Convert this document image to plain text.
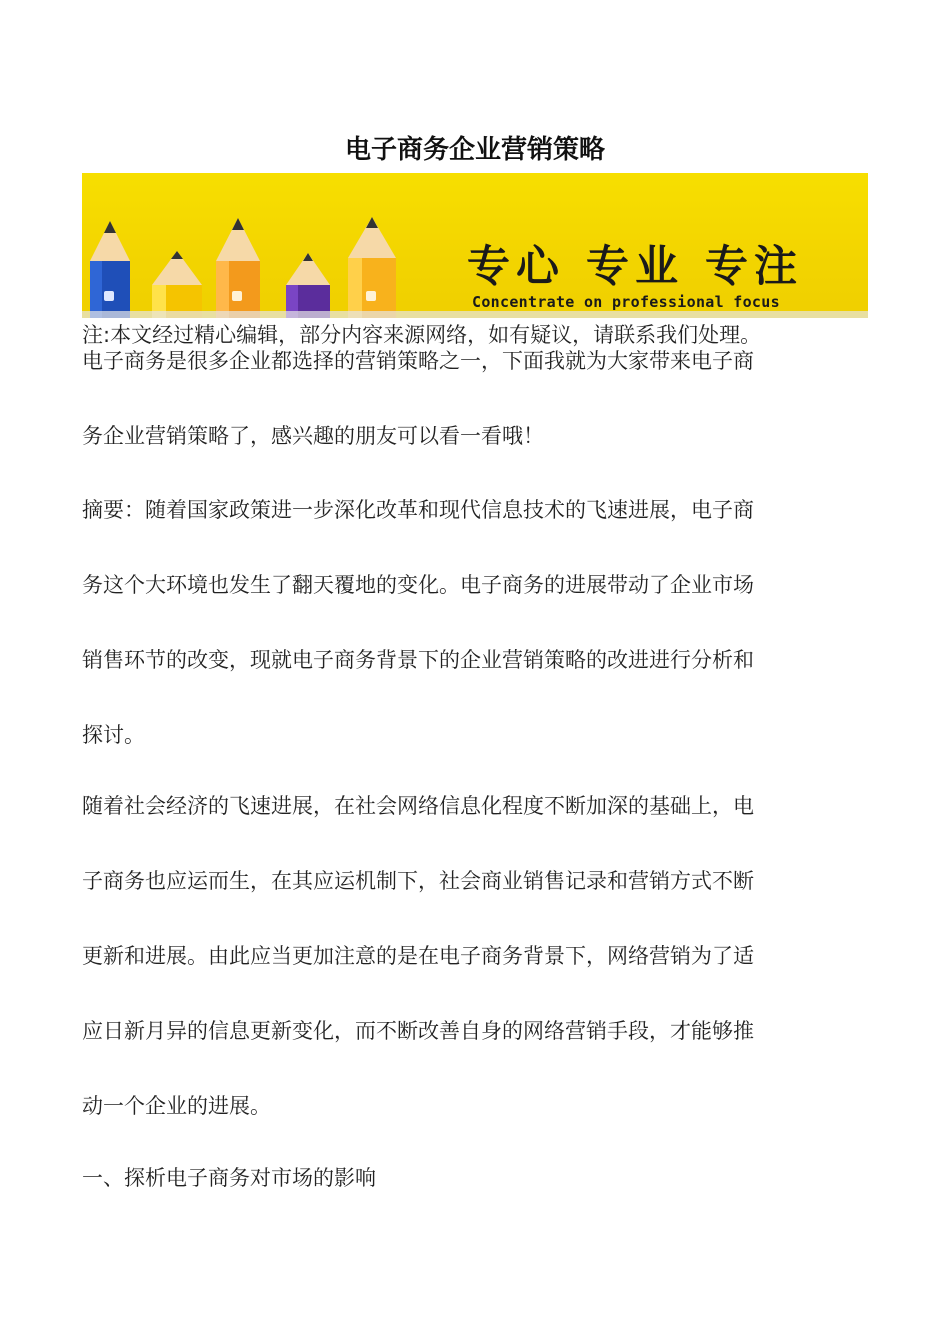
电子商务企业营销策略
专心 专业 专注
Concentrate on professional focus
注:本文经过精心编辑，部分内容来源网络，如有疑议，请联系我们处理。
电子商务是很多企业都选择的营销策略之一，下面我就为大家带来电子商
务企业营销策略了，感兴趣的朋友可以看一看哦！
摘要：随着国家政策进一步深化改革和现代信息技术的飞速进展，电子商
务这个大环境也发生了翻天覆地的变化。电子商务的进展带动了企业市场
销售环节的改变，现就电子商务背景下的企业营销策略的改进进行分析和
探讨。
随着社会经济的飞速进展，在社会网络信息化程度不断加深的基础上，电
子商务也应运而生，在其应运机制下，社会商业销售记录和营销方式不断
更新和进展。由此应当更加注意的是在电子商务背景下，网络营销为了适
应日新月异的信息更新变化，而不断改善自身的网络营销手段，才能够推
动一个企业的进展。
一、探析电子商务对市场的影响
